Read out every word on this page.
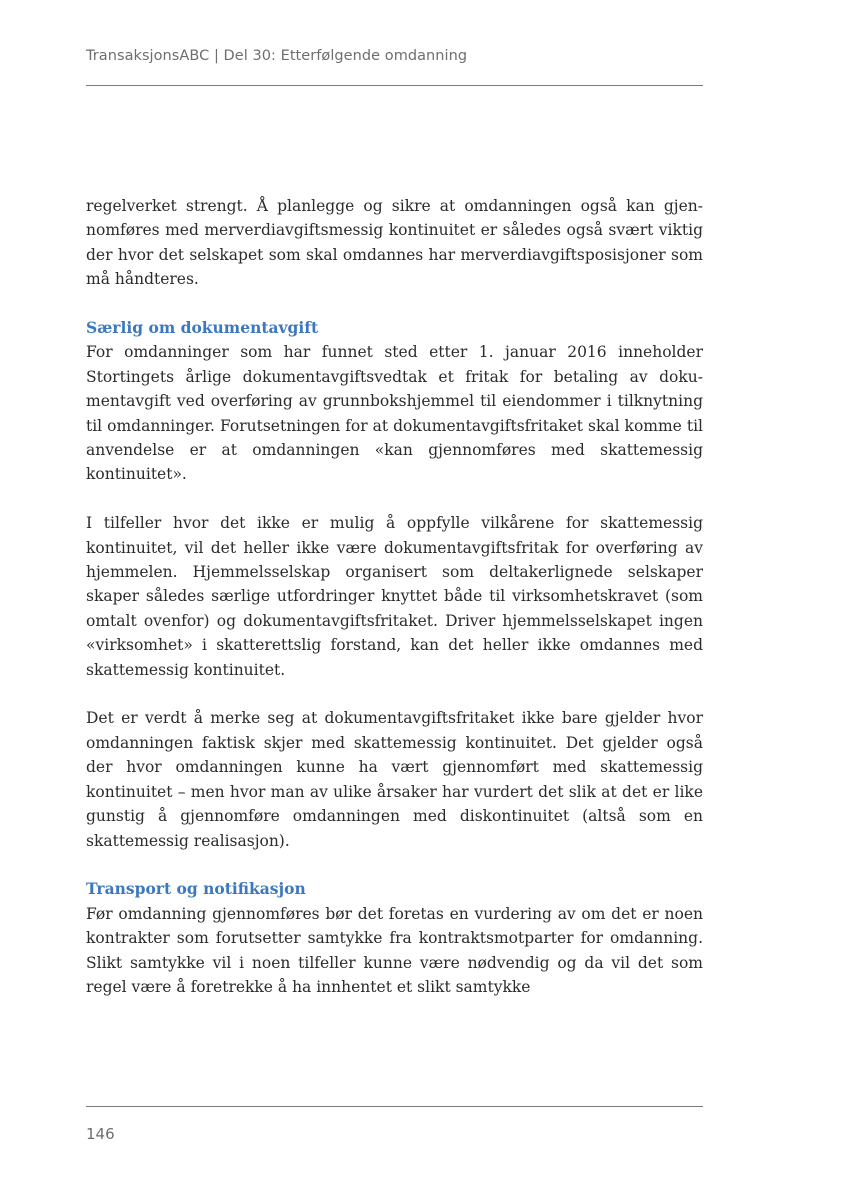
TransaksjonsABC | Del 30: Etterfølgende omdanning

regelverket strengt. Å planlegge og sikre at omdanningen også kan gjennomføres med merverdiavgiftsmessig kontinuitet er således også svært viktig der hvor det selskapet som skal omdannes har merverdiavgiftsposisjoner som må håndteres.

Særlig om dokumentavgift

For omdanninger som har funnet sted etter 1. januar 2016 inneholder Stortingets årlige dokumentavgiftsvedtak et fritak for betaling av dokumentavgift ved overføring av grunnbokshjemmel til eiendommer i tilknytning til omdanninger. Forutsetningen for at dokumentavgiftsfritaket skal komme til anvendelse er at omdanningen «kan gjennomføres med skattemessig kontinuitet».

I tilfeller hvor det ikke er mulig å oppfylle vilkårene for skattemessig kontinuitet, vil det heller ikke være dokumentavgiftsfritak for overføring av hjemmelen. Hjemmelsselskap organisert som deltakerlignede selskaper skaper således særlige utfordringer knyttet både til virksomhetskravet (som omtalt ovenfor) og dokumentavgiftsfritaket. Driver hjemmelsselskapet ingen «virksomhet» i skatterettslig forstand, kan det heller ikke omdannes med skattemessig kontinuitet.

Det er verdt å merke seg at dokumentavgiftsfritaket ikke bare gjelder hvor omdanningen faktisk skjer med skattemessig kontinuitet. Det gjelder også der hvor omdanningen kunne ha vært gjennomført med skattemessig kontinuitet – men hvor man av ulike årsaker har vurdert det slik at det er like gunstig å gjennomføre omdanningen med diskontinuitet (altså som en skattemessig realisasjon).

Transport og notifikasjon

Før omdanning gjennomføres bør det foretas en vurdering av om det er noen kontrakter som forutsetter samtykke fra kontraktsmotparter for omdanning. Slikt samtykke vil i noen tilfeller kunne være nødvendig og da vil det som regel være å foretrekke å ha innhentet et slikt samtykke

146
